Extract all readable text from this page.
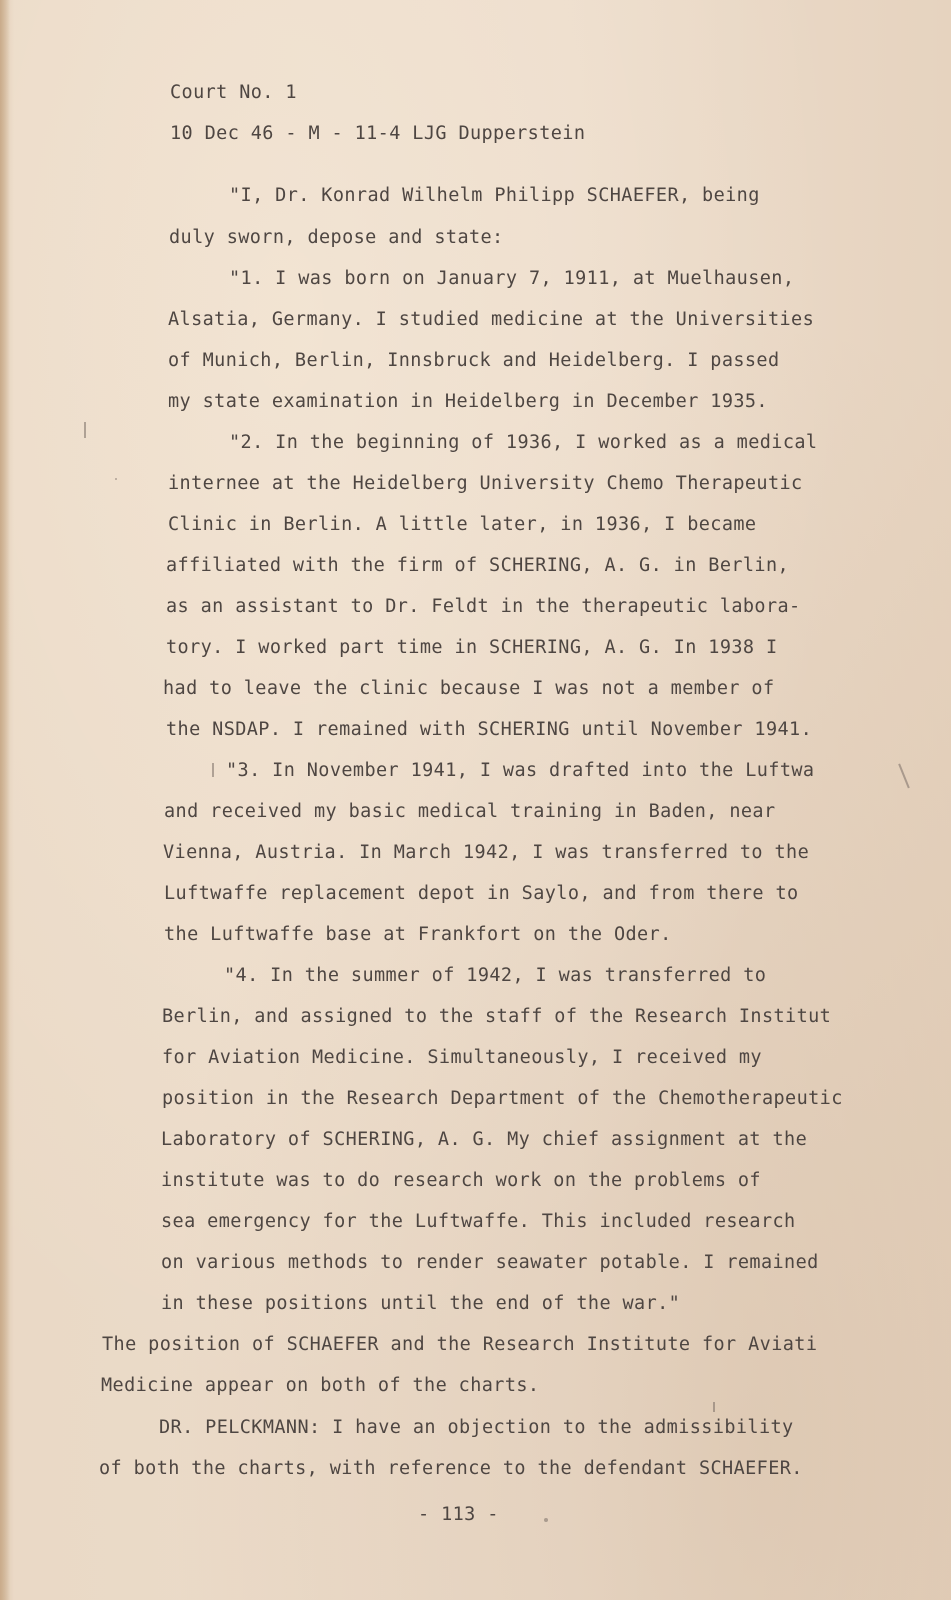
Court No. 1
10 Dec 46 - M - 11-4 LJG Dupperstein
"I, Dr. Konrad Wilhelm Philipp SCHAEFER, being
duly sworn, depose and state:
"1. I was born on January 7, 1911, at Muelhausen,
Alsatia, Germany. I studied medicine at the Universities
of Munich, Berlin, Innsbruck and Heidelberg. I passed
my state examination in Heidelberg in December 1935.
"2. In the beginning of 1936, I worked as a medical
internee at the Heidelberg University Chemo Therapeutic
Clinic in Berlin. A little later, in 1936, I became
affiliated with the firm of SCHERING, A. G. in Berlin,
as an assistant to Dr. Feldt in the therapeutic labora-
tory. I worked part time in SCHERING, A. G. In 1938 I
had to leave the clinic because I was not a member of
the NSDAP. I remained with SCHERING until November 1941.
"3. In November 1941, I was drafted into the Luftwa
and received my basic medical training in Baden, near
Vienna, Austria. In March 1942, I was transferred to the
Luftwaffe replacement depot in Saylo, and from there to
the Luftwaffe base at Frankfort on the Oder.
"4. In the summer of 1942, I was transferred to
Berlin, and assigned to the staff of the Research Institut
for Aviation Medicine. Simultaneously, I received my
position in the Research Department of the Chemotherapeutic
Laboratory of SCHERING, A. G. My chief assignment at the
institute was to do research work on the problems of
sea emergency for the Luftwaffe. This included research
on various methods to render seawater potable. I remained
in these positions until the end of the war."
The position of SCHAEFER and the Research Institute for Aviati
Medicine appear on both of the charts.
DR. PELCKMANN: I have an objection to the admissibility
of both the charts, with reference to the defendant SCHAEFER.
- 113 -
